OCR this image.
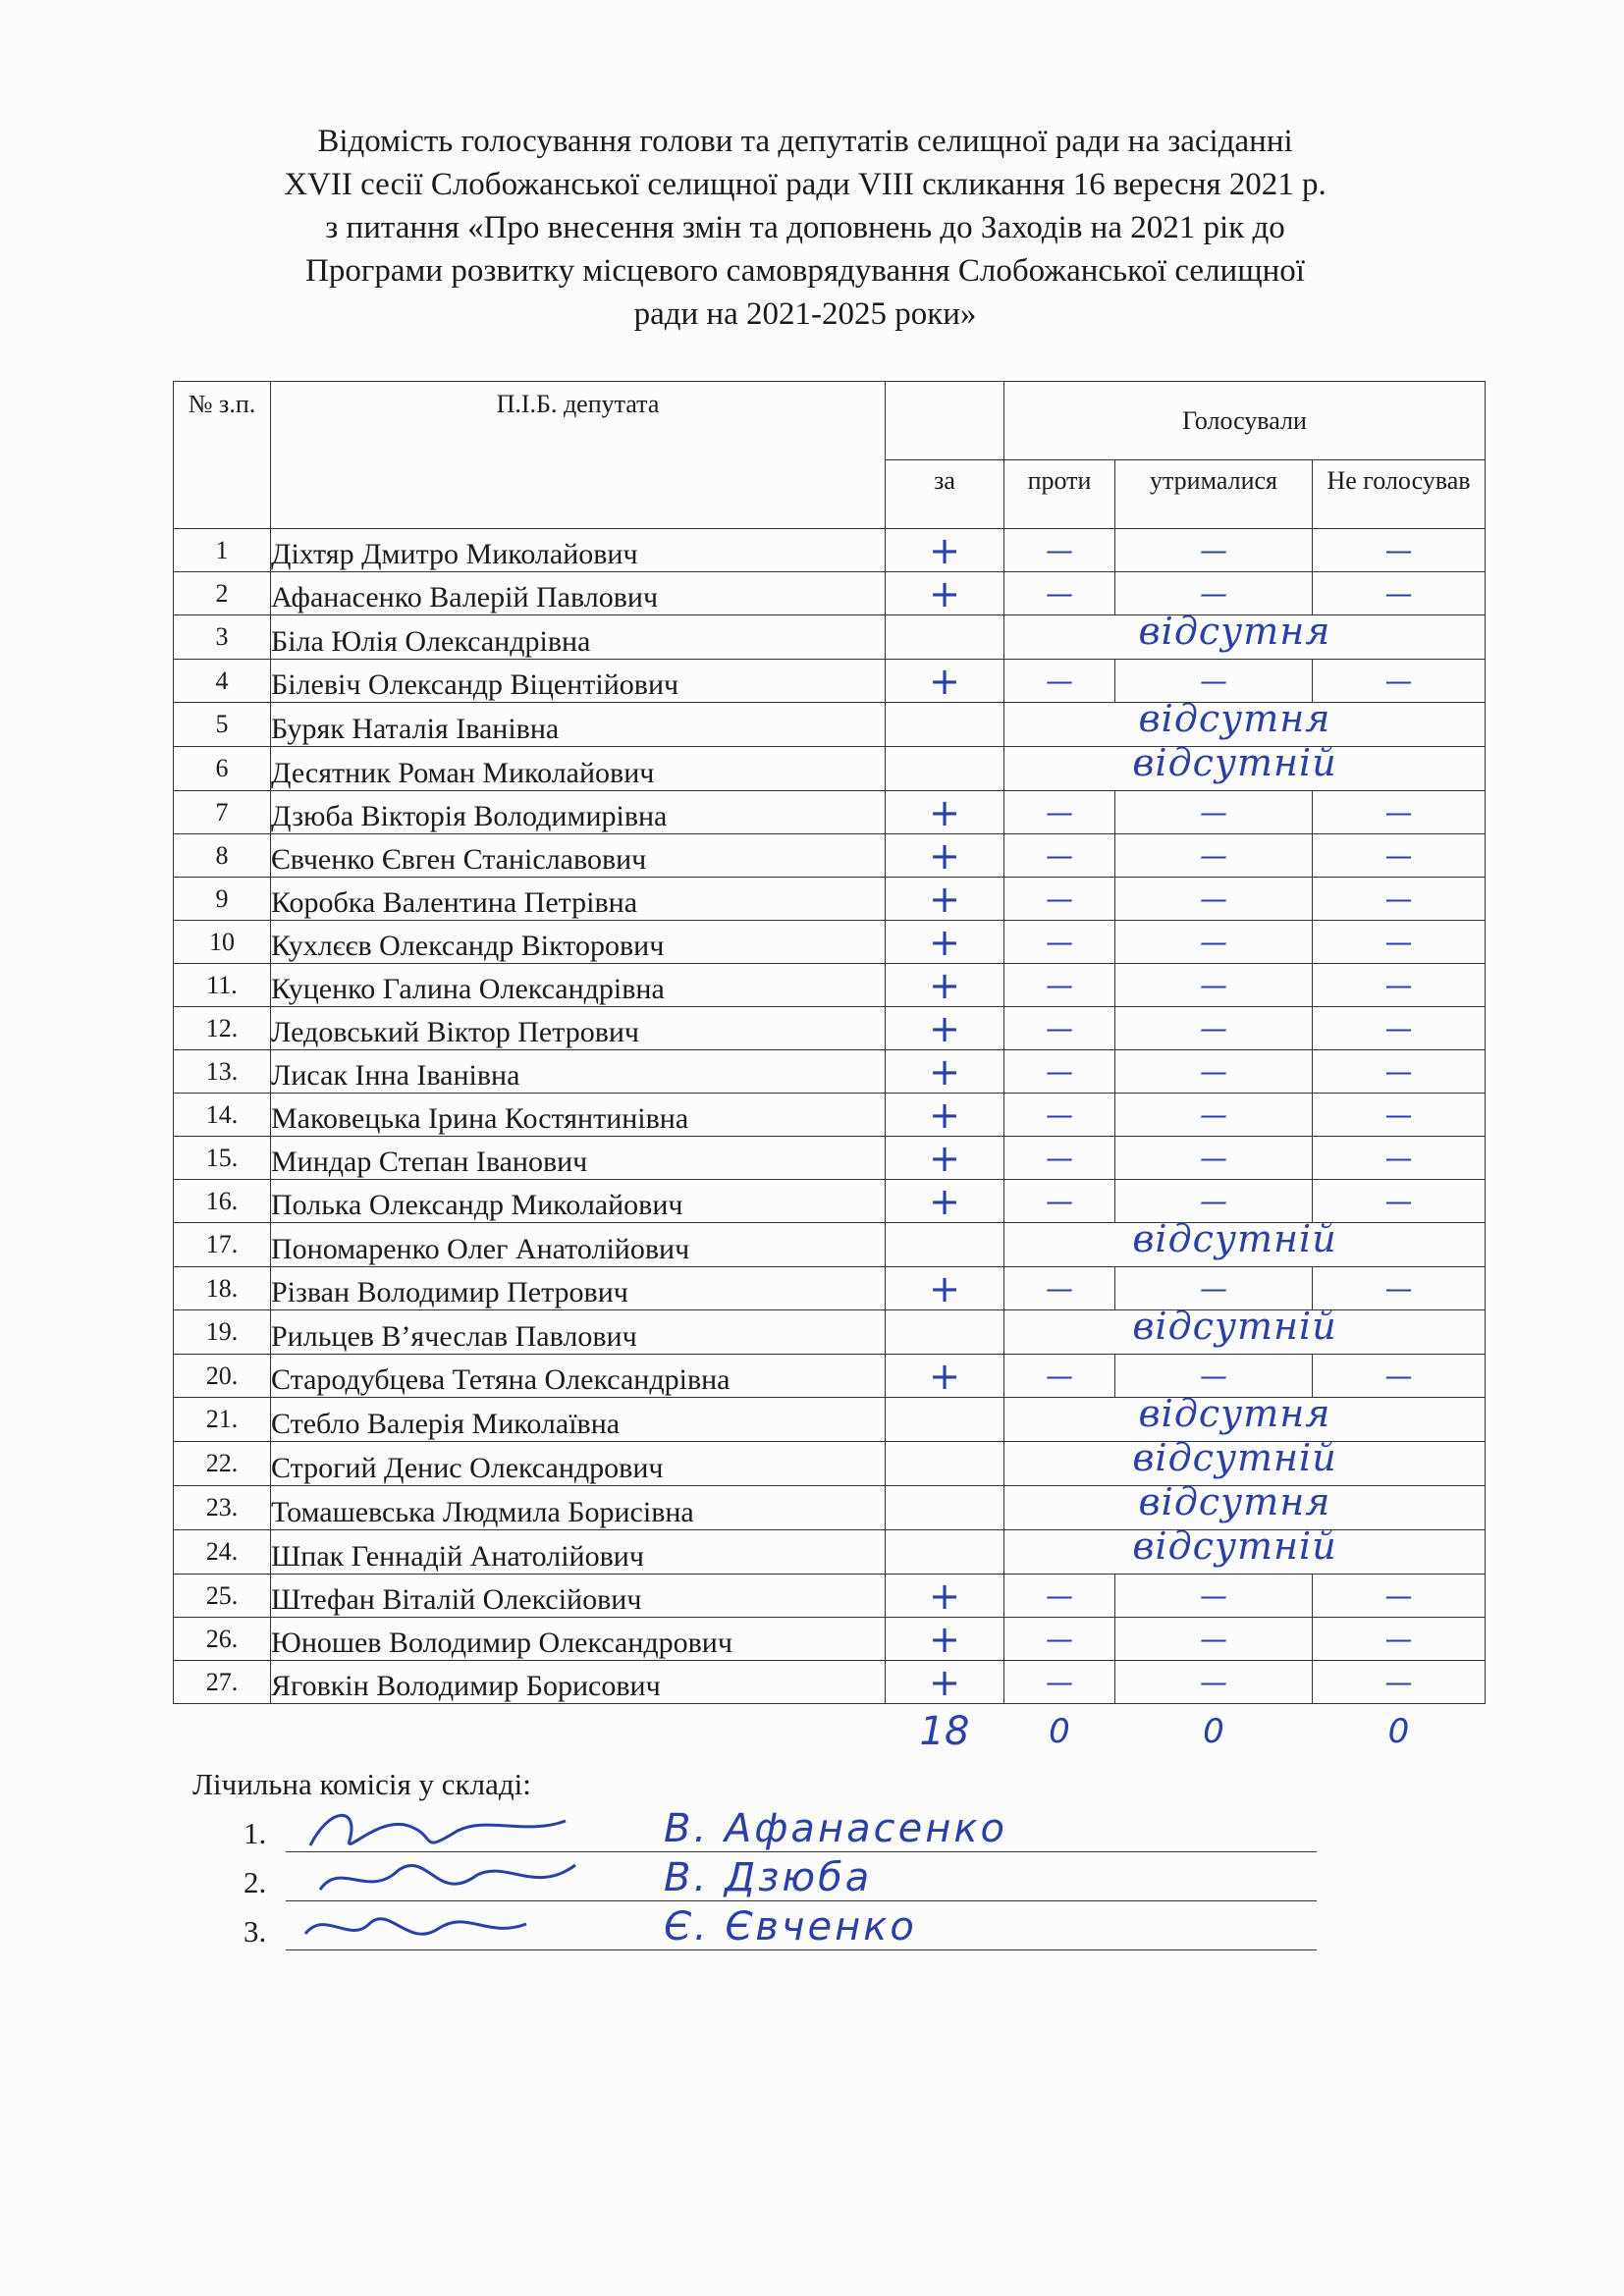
Відомість голосування голови та депутатів селищної ради на засіданні
XVII сесії Слобожанської селищної ради VIII скликання 16 вересня 2021 р.
з питання «Про внесення змін та доповнень до Заходів на 2021 рік до
Програми розвитку місцевого самоврядування Слобожанської селищної
ради на 2021-2025 роки»
№ з.п.	П.І.Б. депутата		Голосували		
		за	проти	утрималися	Не голосував
1	Діхтяр Дмитро Миколайович	+	—	—	—
2	Афанасенко Валерій Павлович	+	—	—	—
3	Біла Юлія Олександрівна		відсутня		
4	Білевіч Олександр Віцентійович	+	—	—	—
5	Буряк Наталія Іванівна		відсутня		
6	Десятник Роман Миколайович		відсутній		
7	Дзюба Вікторія Володимирівна	+	—	—	—
8	Євченко Євген Станіславович	+	—	—	—
9	Коробка Валентина Петрівна	+	—	—	—
10	Кухлєєв Олександр Вікторович	+	—	—	—
11.	Куценко Галина Олександрівна	+	—	—	—
12.	Ледовський Віктор Петрович	+	—	—	—
13.	Лисак Інна Іванівна	+	—	—	—
14.	Маковецька Ірина Костянтинівна	+	—	—	—
15.	Миндар Степан Іванович	+	—	—	—
16.	Полька Олександр Миколайович	+	—	—	—
17.	Пономаренко Олег Анатолійович		відсутній		
18.	Різван Володимир Петрович	+	—	—	—
19.	Рильцев В’ячеслав Павлович		відсутній		
20.	Стародубцева Тетяна Олександрівна	+	—	—	—
21.	Стебло Валерія Миколаївна		відсутня		
22.	Строгий Денис Олександрович		відсутній		
23.	Томашевська Людмила Борисівна		відсутня		
24.	Шпак Геннадій Анатолійович		відсутній		
25.	Штефан Віталій Олексійович	+	—	—	—
26.	Юношев Володимир Олександрович	+	—	—	—
27.	Яговкін Володимир Борисович	+	—	—	—
		18	0	0	0
Лічильна комісія у складі:
1.	В. Афанасенко
2.	В. Дзюба
3.	Є. Євченко
